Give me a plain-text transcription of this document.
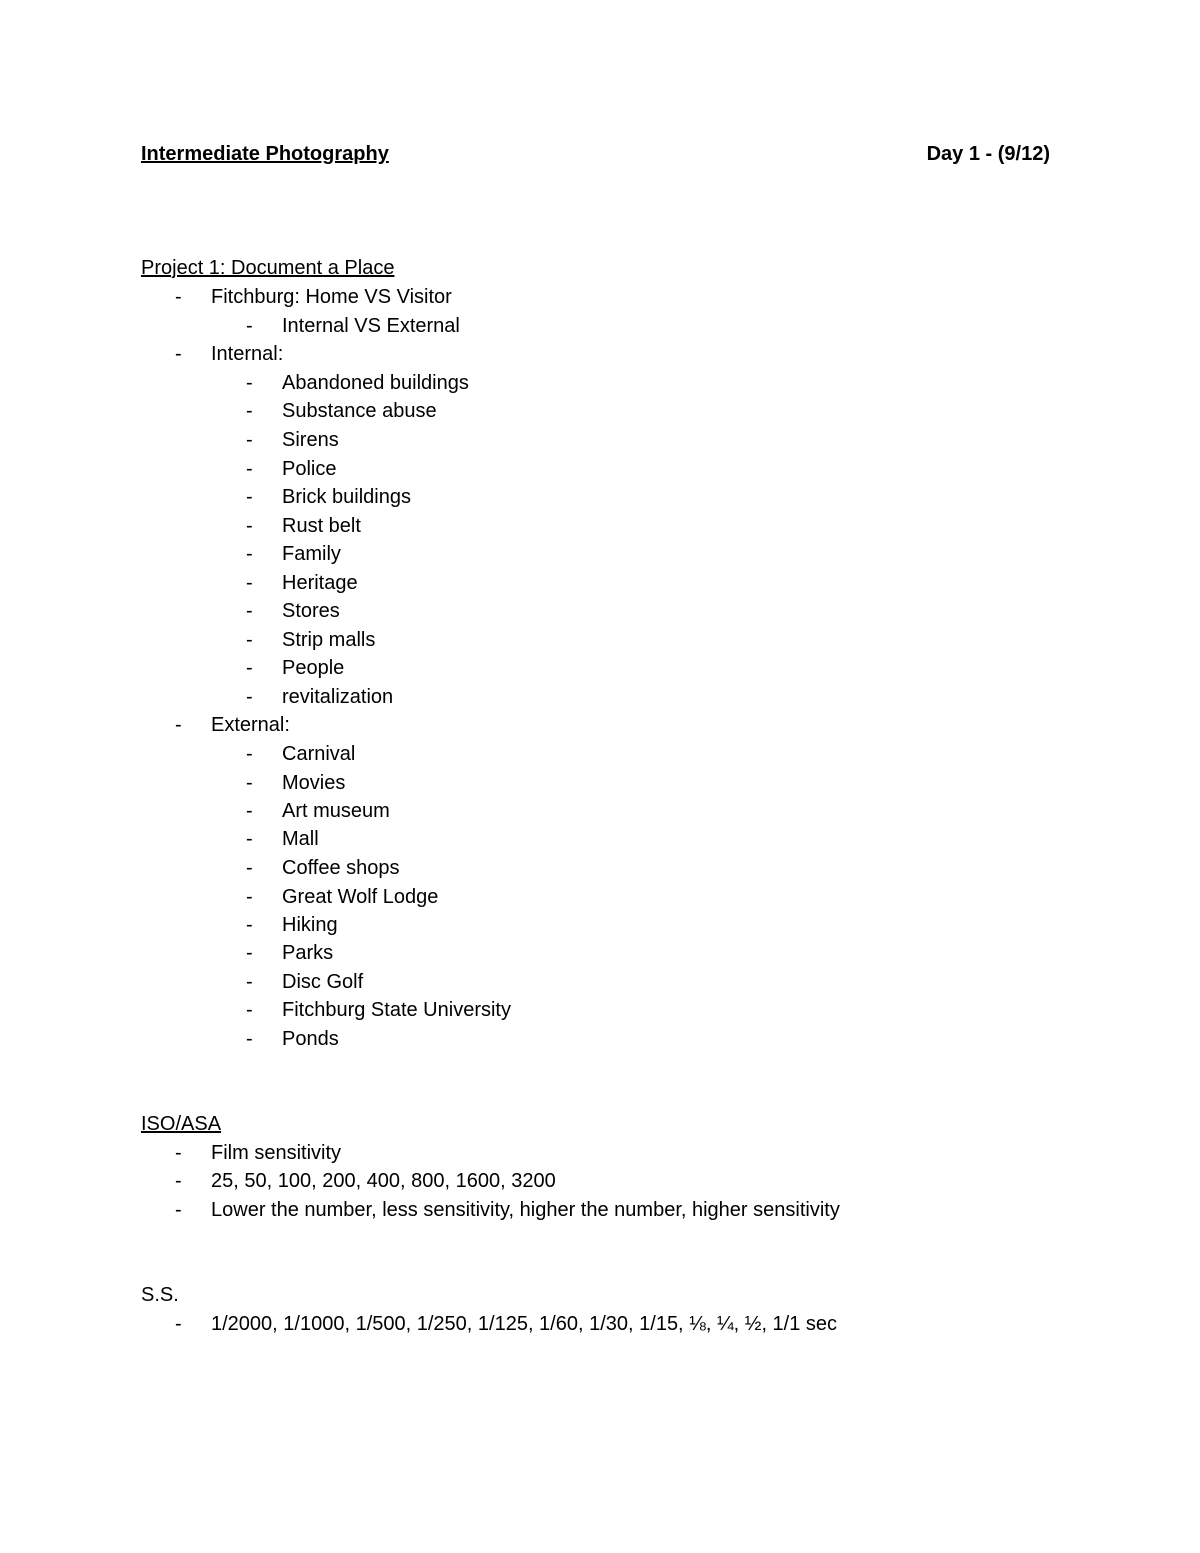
Intermediate Photography	Day 1 - (9/12)
Project 1: Document a Place
- Fitchburg: Home VS Visitor
- Internal VS External
- Internal:
- Abandoned buildings
- Substance abuse
- Sirens
- Police
- Brick buildings
- Rust belt
- Family
- Heritage
- Stores
- Strip malls
- People
- revitalization
- External:
- Carnival
- Movies
- Art museum
- Mall
- Coffee shops
- Great Wolf Lodge
- Hiking
- Parks
- Disc Golf
- Fitchburg State University
- Ponds
ISO/ASA
- Film sensitivity
- 25, 50, 100, 200, 400, 800, 1600, 3200
- Lower the number, less sensitivity, higher the number, higher sensitivity
S.S.
- 1/2000, 1/1000, 1/500, 1/250, 1/125, 1/60, 1/30, 1/15, ⅛, ¼, ½, 1/1 sec
